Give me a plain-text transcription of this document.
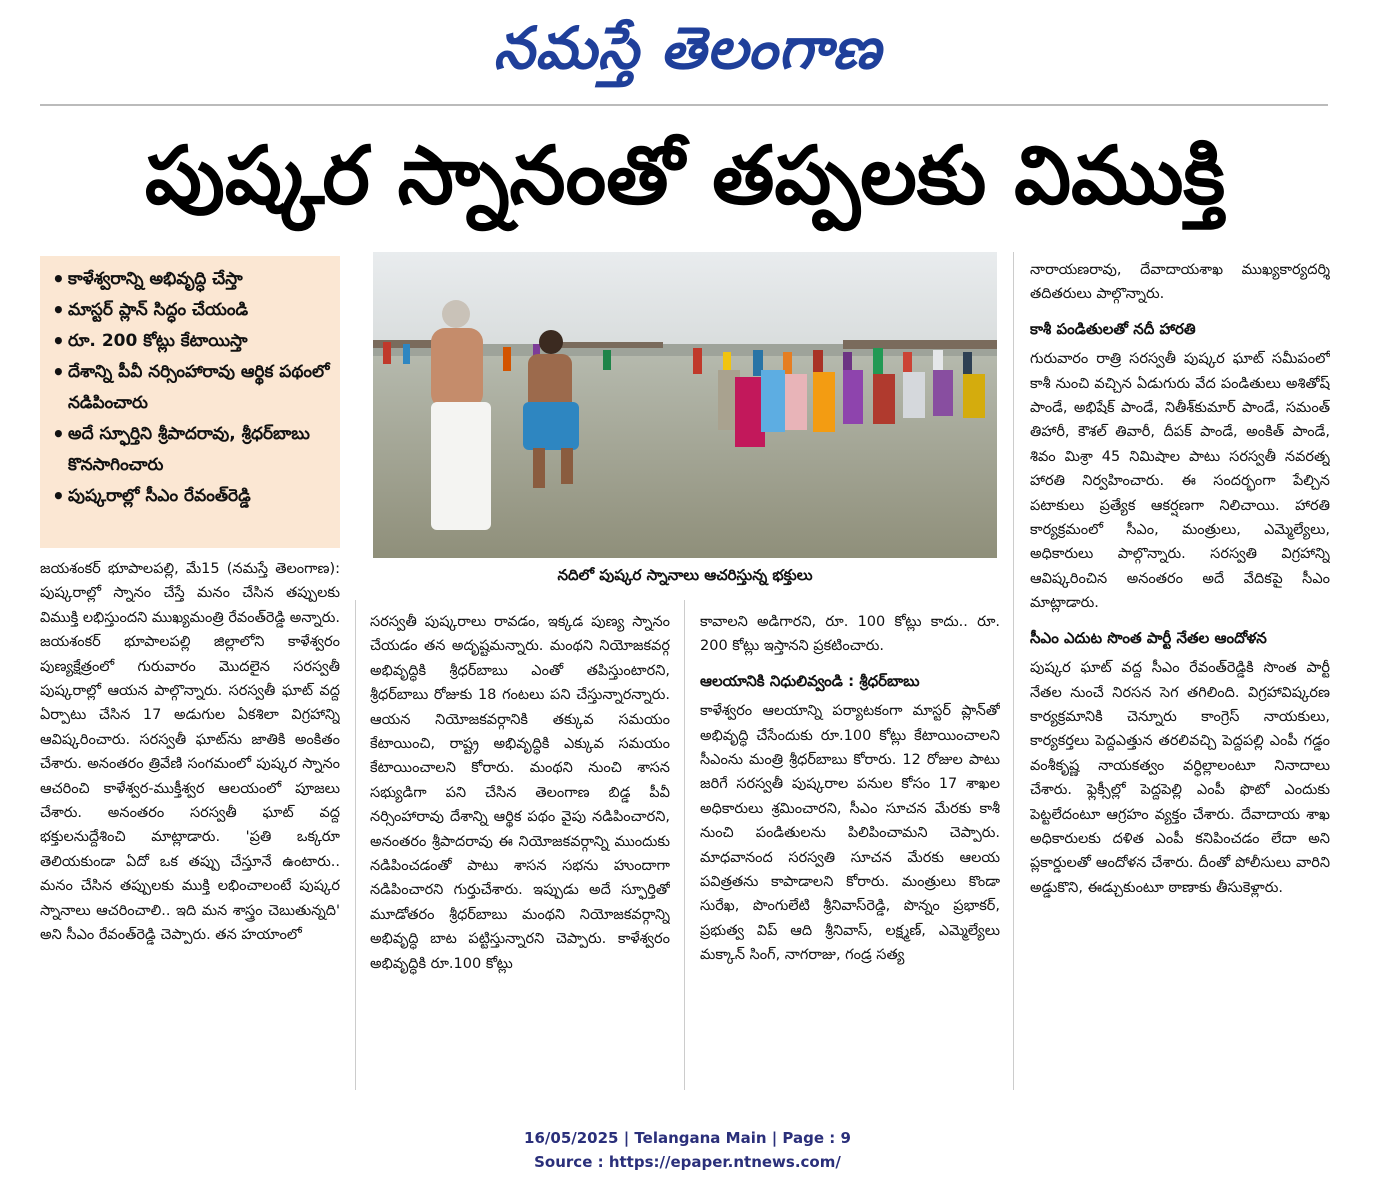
నమస్తే తెలంగాణ
పుష్కర స్నానంతో తప్పలకు విముక్తి
• కాళేశ్వరాన్ని అభివృద్ధి చేస్తా
• మాస్టర్ ప్లాన్ సిద్ధం చేయండి
• రూ. 200 కోట్లు కేటాయిస్తా
• దేశాన్ని పీవీ నర్సింహారావు ఆర్థిక పథంలో నడిపించారు
• అదే స్ఫూర్తిని శ్రీపాదరావు, శ్రీధర్‌బాబు కొనసాగించారు
• పుష్కరాల్లో సీఎం రేవంత్‌రెడ్డి
నదిలో పుష్కర స్నానాలు ఆచరిస్తున్న భక్తులు

జయశంకర్ భూపాలపల్లి, మే15 (నమస్తే తెలంగాణ): పుష్కరాల్లో స్నానం చేస్తే మనం చేసిన తప్పులకు విముక్తి లభిస్తుందని ముఖ్యమంత్రి రేవంత్‌రెడ్డి అన్నారు. జయశంకర్ భూపాలపల్లి జిల్లాలోని కాళేశ్వరం పుణ్యక్షేత్రంలో గురువారం మొదలైన సరస్వతీ పుష్కరాల్లో ఆయన పాల్గొన్నారు. సరస్వతీ ఘాట్ వద్ద ఏర్పాటు చేసిన 17 అడుగుల ఏకశిలా విగ్రహాన్ని ఆవిష్కరించారు. సరస్వతీ ఘాట్‌ను జాతికి అంకితం చేశారు. అనంతరం త్రివేణి సంగమంలో పుష్కర స్నానం ఆచరించి కాళేశ్వర-ముక్తీశ్వర ఆలయంలో పూజలు చేశారు. అనంతరం సరస్వతీ ఘాట్ వద్ద భక్తులనుద్దేశించి మాట్లాడారు. 'ప్రతి ఒక్కరూ తెలియకుండా ఏదో ఒక తప్పు చేస్తూనే ఉంటారు.. మనం చేసిన తప్పులకు ముక్తి లభించాలంటే పుష్కర స్నానాలు ఆచరించాలి.. ఇది మన శాస్త్రం చెబుతున్నది' అని సీఎం రేవంత్‌రెడ్డి చెప్పారు. తన హయాంలో

సరస్వతీ పుష్కరాలు రావడం, ఇక్కడ పుణ్య స్నానం చేయడం తన అదృష్టమన్నారు. మంథని నియోజకవర్గ అభివృద్ధికి శ్రీధర్‌బాబు ఎంతో తపిస్తుంటారని, శ్రీధర్‌బాబు రోజుకు 18 గంటలు పని చేస్తున్నారన్నారు. ఆయన నియోజకవర్గానికి తక్కువ సమయం కేటాయించి, రాష్ట్ర అభివృద్ధికి ఎక్కువ సమయం కేటాయించాలని కోరారు. మంథని నుంచి శాసన సభ్యుడిగా పని చేసిన తెలంగాణ బిడ్డ పీవీ నర్సింహారావు దేశాన్ని ఆర్థిక పథం వైపు నడిపించారని, అనంతరం శ్రీపాదరావు ఈ నియోజకవర్గాన్ని ముందుకు నడిపించడంతో పాటు శాసన సభను హుందాగా నడిపించారని గుర్తుచేశారు. ఇప్పుడు అదే స్ఫూర్తితో మూడోతరం శ్రీధర్‌బాబు మంథని నియోజకవర్గాన్ని అభివృద్ధి బాట పట్టిస్తున్నారని చెప్పారు. కాళేశ్వరం అభివృద్ధికి రూ.100 కోట్లు

కావాలని అడిగారని, రూ. 100 కోట్లు కాదు.. రూ. 200 కోట్లు ఇస్తానని ప్రకటించారు.

ఆలయానికి నిధులివ్వండి : శ్రీధర్‌బాబు

కాళేశ్వరం ఆలయాన్ని పర్యాటకంగా మాస్టర్ ప్లాన్‌తో అభివృద్ధి చేసేందుకు రూ.100 కోట్లు కేటాయించాలని సీఎంను మంత్రి శ్రీధర్‌బాబు కోరారు. 12 రోజుల పాటు జరిగే సరస్వతీ పుష్కరాల పనుల కోసం 17 శాఖల అధికారులు శ్రమించారని, సీఎం సూచన మేరకు కాశీ నుంచి పండితులను పిలిపించామని చెప్పారు. మాధవానంద సరస్వతి సూచన మేరకు ఆలయ పవిత్రతను కాపాడాలని కోరారు. మంత్రులు కొండా సురేఖ, పొంగులేటి శ్రీనివాస్‌రెడ్డి, పొన్నం ప్రభాకర్, ప్రభుత్వ విప్ ఆది శ్రీనివాస్, లక్ష్మణ్, ఎమ్మెల్యేలు మక్కాన్ సింగ్, నాగరాజు, గండ్ర సత్య

నారాయణరావు, దేవాదాయశాఖ ముఖ్యకార్యదర్శి తదితరులు పాల్గొన్నారు.

కాశీ పండితులతో నదీ హారతి

గురువారం రాత్రి సరస్వతీ పుష్కర ఘాట్ సమీపంలో కాశీ నుంచి వచ్చిన ఏడుగురు వేద పండితులు అశితోష్ పాండే, అభిషేక్ పాండే, నితీశ్‌కుమార్ పాండే, సమంత్ తిహారీ, కౌశల్ తివారీ, దీపక్ పాండే, అంకిత్ పాండే, శివం మిశ్రా 45 నిమిషాల పాటు సరస్వతీ నవరత్న హారతి నిర్వహించారు. ఈ సందర్భంగా పేల్చిన పటాకులు ప్రత్యేక ఆకర్షణగా నిలిచాయి. హారతి కార్యక్రమంలో సీఎం, మంత్రులు, ఎమ్మెల్యేలు, అధికారులు పాల్గొన్నారు. సరస్వతి విగ్రహాన్ని ఆవిష్కరించిన అనంతరం అదే వేదికపై సీఎం మాట్లాడారు.

సీఎం ఎదుట సొంత పార్టీ నేతల ఆందోళన

పుష్కర ఘాట్ వద్ద సీఎం రేవంత్‌రెడ్డికి సొంత పార్టీ నేతల నుంచే నిరసన సెగ తగిలింది. విగ్రహావిష్కరణ కార్యక్రమానికి చెన్నూరు కాంగ్రెస్ నాయకులు, కార్యకర్తలు పెద్దఎత్తున తరలివచ్చి పెద్దపల్లి ఎంపీ గడ్డం వంశీకృష్ణ నాయకత్వం వర్ధిల్లాలంటూ నినాదాలు చేశారు. ఫ్లెక్సీల్లో పెద్దపెల్లి ఎంపీ ఫొటో ఎందుకు పెట్టలేదంటూ ఆగ్రహం వ్యక్తం చేశారు. దేవాదాయ శాఖ అధికారులకు దళిత ఎంపీ కనిపించడం లేదా అని ప్లకార్డులతో ఆందోళన చేశారు. దీంతో పోలీసులు వారిని అడ్డుకొని, ఈడ్చుకుంటూ ఠాణాకు తీసుకెళ్లారు.

16/05/2025 | Telangana Main | Page : 9
Source : https://epaper.ntnews.com/
